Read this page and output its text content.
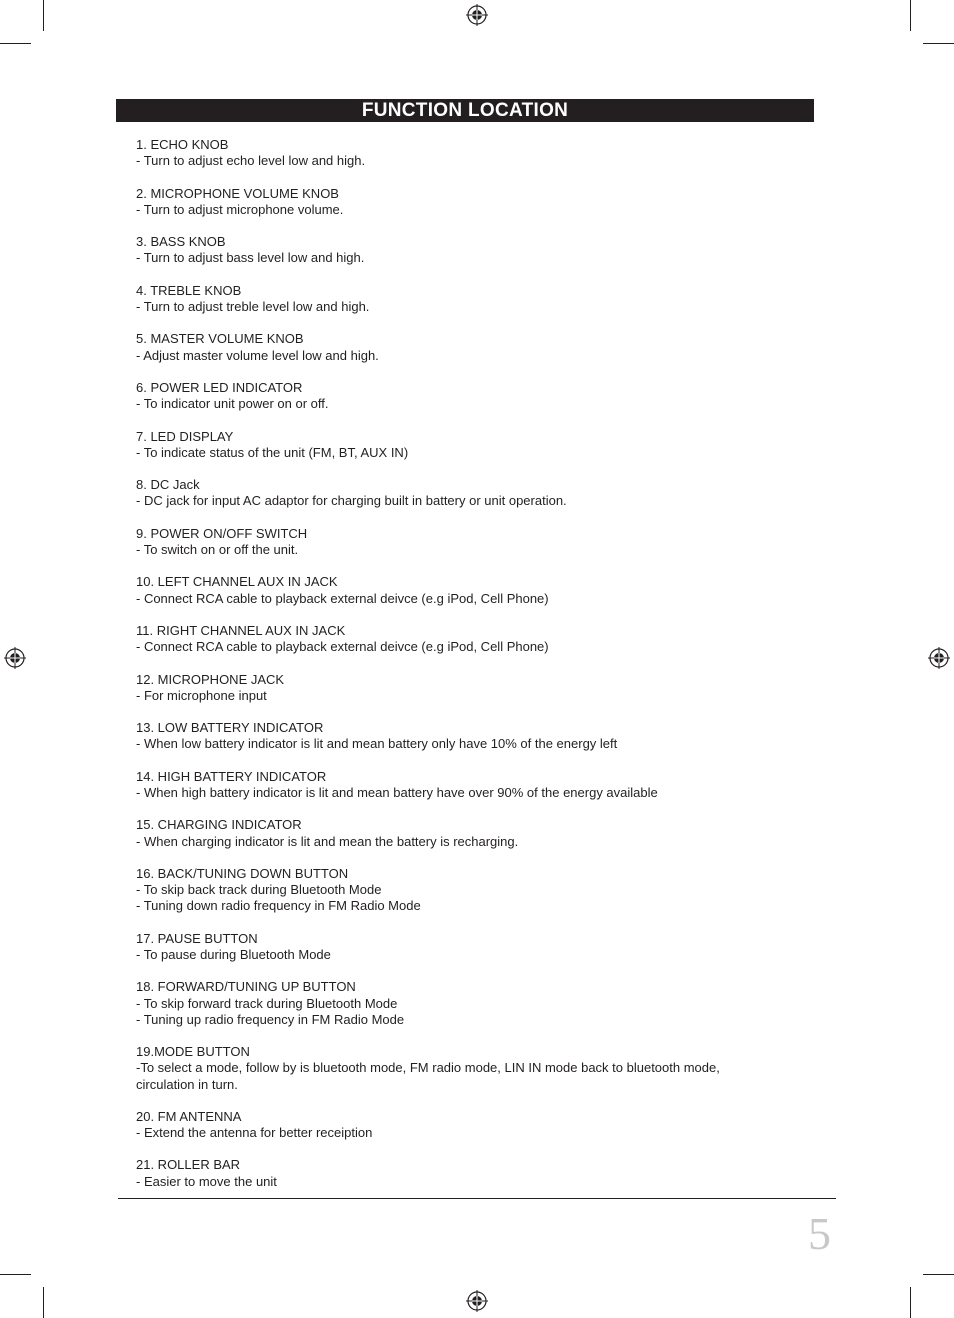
FUNCTION LOCATION
1. ECHO KNOB
- Turn to adjust echo level low and high.
2. MICROPHONE VOLUME KNOB
- Turn to adjust microphone volume.
3. BASS KNOB
- Turn to adjust bass level low and high.
4. TREBLE KNOB
- Turn to adjust treble level low and high.
5. MASTER VOLUME KNOB
- Adjust master volume level low and high.
6. POWER LED INDICATOR
- To indicator unit power on or off.
7. LED DISPLAY
- To indicate status of the unit (FM, BT, AUX IN)
8. DC Jack
- DC jack for input AC adaptor for charging built in battery or unit operation.
9. POWER ON/OFF SWITCH
- To switch on or off the unit.
10. LEFT CHANNEL AUX IN JACK
- Connect RCA cable to playback external deivce (e.g iPod, Cell Phone)
11. RIGHT CHANNEL AUX IN JACK
- Connect RCA cable to playback external deivce (e.g iPod, Cell Phone)
12. MICROPHONE JACK
- For microphone input
13. LOW BATTERY INDICATOR
- When low battery indicator is lit and mean battery only have 10% of the energy left
14. HIGH BATTERY INDICATOR
- When high battery indicator is lit and mean battery have over 90% of the energy available
15. CHARGING INDICATOR
- When charging indicator is lit and mean the battery is recharging.
16. BACK/TUNING DOWN BUTTON
- To skip back track during Bluetooth Mode
- Tuning down radio frequency in FM Radio Mode
17. PAUSE BUTTON
- To pause during Bluetooth Mode
18. FORWARD/TUNING UP BUTTON
- To skip forward track during Bluetooth Mode
- Tuning up radio frequency in FM Radio Mode
19.MODE BUTTON
-To select a mode, follow by is bluetooth mode, FM radio mode, LIN IN mode back to bluetooth mode,
circulation in turn.
20. FM ANTENNA
- Extend the antenna for better receiption
21. ROLLER BAR
- Easier to move the unit
5
